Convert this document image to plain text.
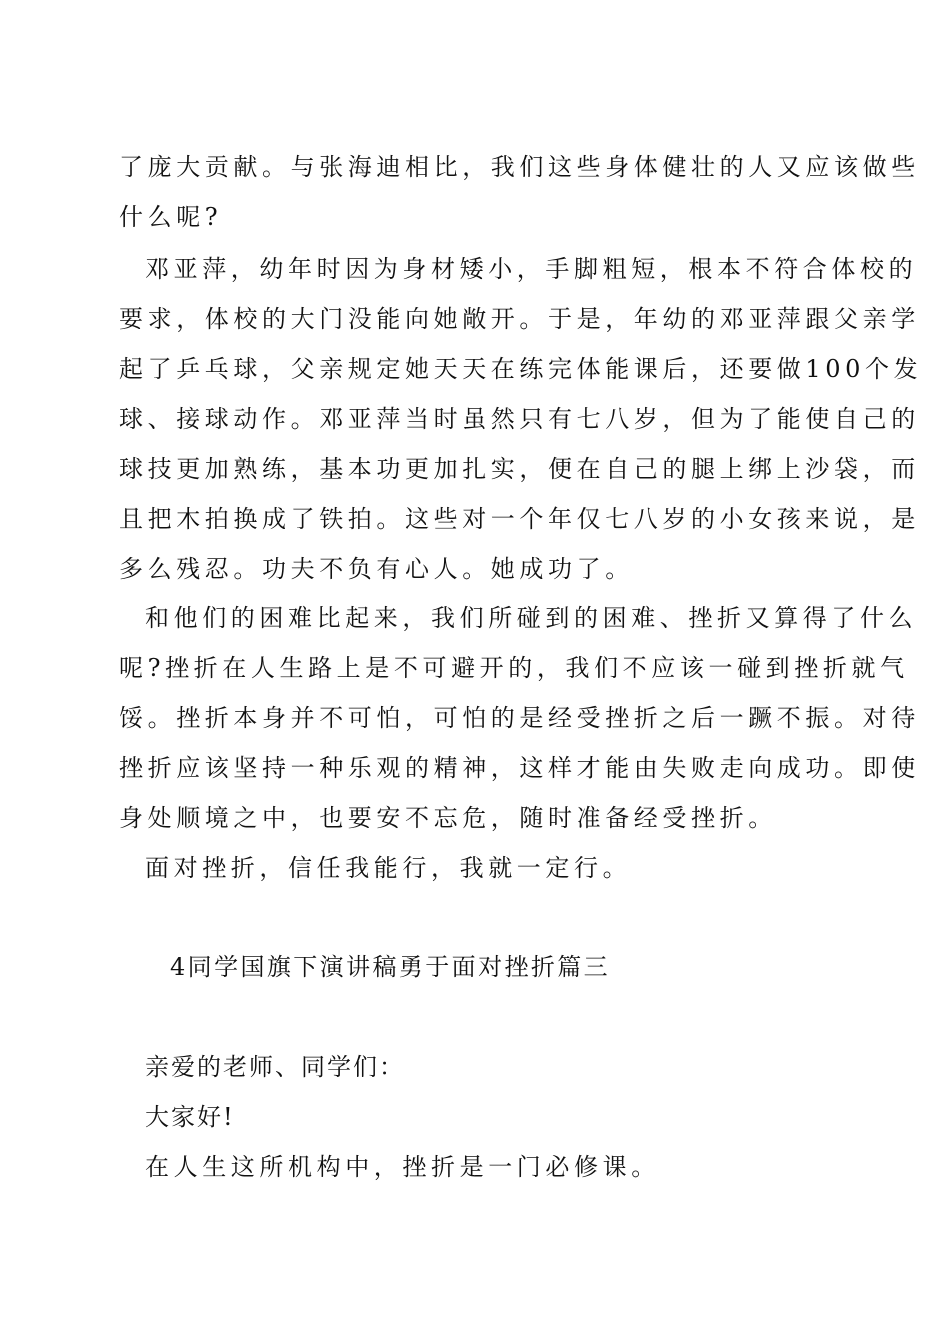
了庞大贡献。与张海迪相比，我们这些身体健壮的人又应该做些
什么呢?
邓亚萍，幼年时因为身材矮小，手脚粗短，根本不符合体校的
要求，体校的大门没能向她敞开。于是，年幼的邓亚萍跟父亲学
起了乒乓球，父亲规定她天天在练完体能课后，还要做100个发
球、接球动作。邓亚萍当时虽然只有七八岁，但为了能使自己的
球技更加熟练，基本功更加扎实，便在自己的腿上绑上沙袋，而
且把木拍换成了铁拍。这些对一个年仅七八岁的小女孩来说，是
多么残忍。功夫不负有心人。她成功了。
和他们的困难比起来，我们所碰到的困难、挫折又算得了什么
呢?挫折在人生路上是不可避开的，我们不应该一碰到挫折就气
馁。挫折本身并不可怕，可怕的是经受挫折之后一蹶不振。对待
挫折应该坚持一种乐观的精神，这样才能由失败走向成功。即使
身处顺境之中，也要安不忘危，随时准备经受挫折。
面对挫折，信任我能行，我就一定行。
4同学国旗下演讲稿勇于面对挫折篇三
亲爱的老师、同学们：
大家好!
在人生这所机构中，挫折是一门必修课。
